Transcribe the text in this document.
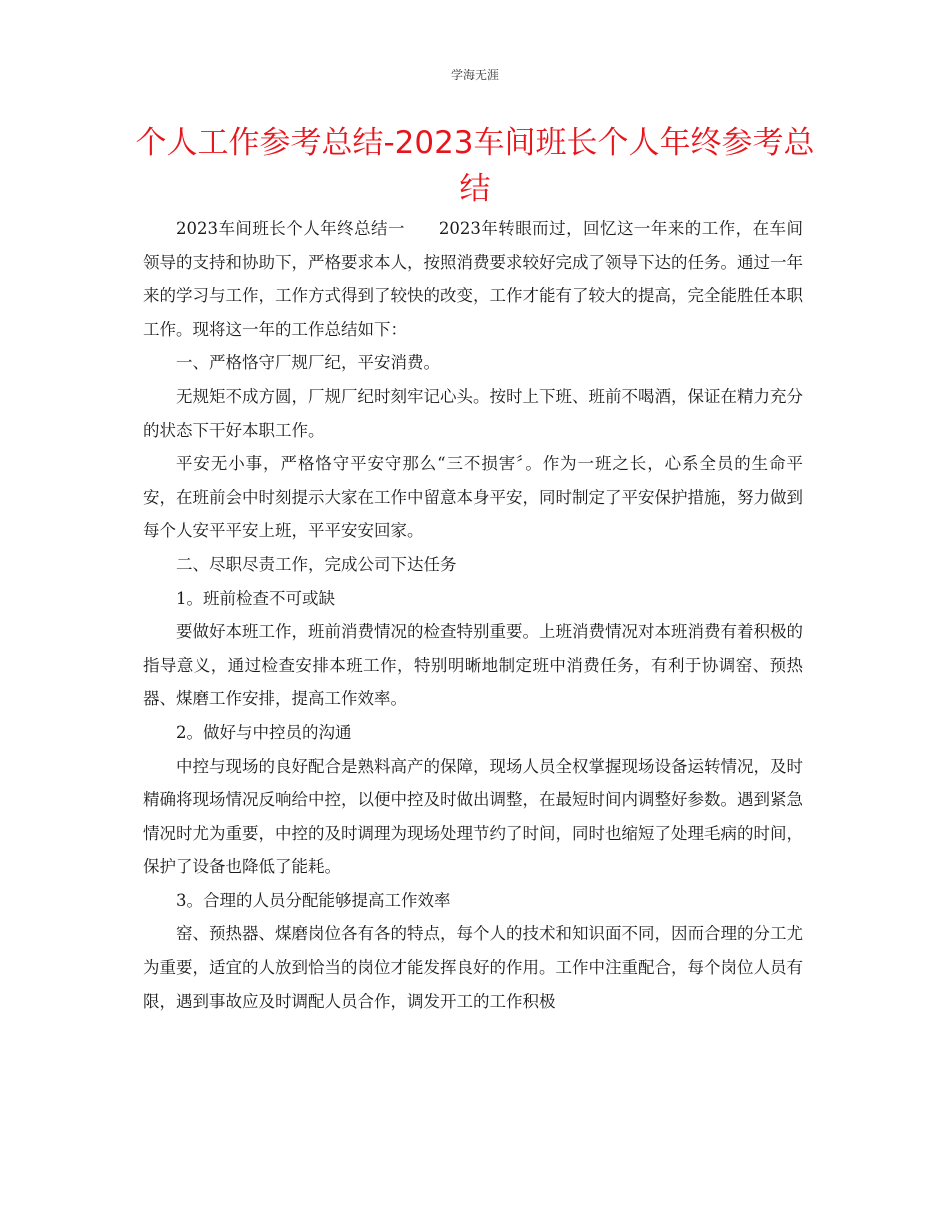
学海无涯
个人工作参考总结-2023车间班长个人年终参考总结

2023车间班长个人年终总结一　　2023年转眼而过，回忆这一年来的工作，在车间领导的支持和协助下，严格要求本人，按照消费要求较好完成了领导下达的任务。通过一年来的学习与工作，工作方式得到了较快的改变，工作才能有了较大的提高，完全能胜任本职工作。现将这一年的工作总结如下：

一、严格恪守厂规厂纪，平安消费。

无规矩不成方圆，厂规厂纪时刻牢记心头。按时上下班、班前不喝酒，保证在精力充分的状态下干好本职工作。

平安无小事，严格恪守平安守那么“三不损害〞。作为一班之长，心系全员的生命平安，在班前会中时刻提示大家在工作中留意本身平安，同时制定了平安保护措施，努力做到每个人安平平安上班，平平安安回家。

二、尽职尽责工作，完成公司下达任务

1。班前检查不可或缺

要做好本班工作，班前消费情况的检查特别重要。上班消费情况对本班消费有着积极的指导意义，通过检查安排本班工作，特别明晰地制定班中消费任务，有利于协调窑、预热器、煤磨工作安排，提高工作效率。

2。做好与中控员的沟通

中控与现场的良好配合是熟料高产的保障，现场人员全权掌握现场设备运转情况，及时精确将现场情况反响给中控，以便中控及时做出调整，在最短时间内调整好参数。遇到紧急情况时尤为重要，中控的及时调理为现场处理节约了时间，同时也缩短了处理毛病的时间，保护了设备也降低了能耗。

3。合理的人员分配能够提高工作效率

窑、预热器、煤磨岗位各有各的特点，每个人的技术和知识面不同，因而合理的分工尤为重要，适宜的人放到恰当的岗位才能发挥良好的作用。工作中注重配合，每个岗位人员有限，遇到事故应及时调配人员合作，调发开工的工作积极
